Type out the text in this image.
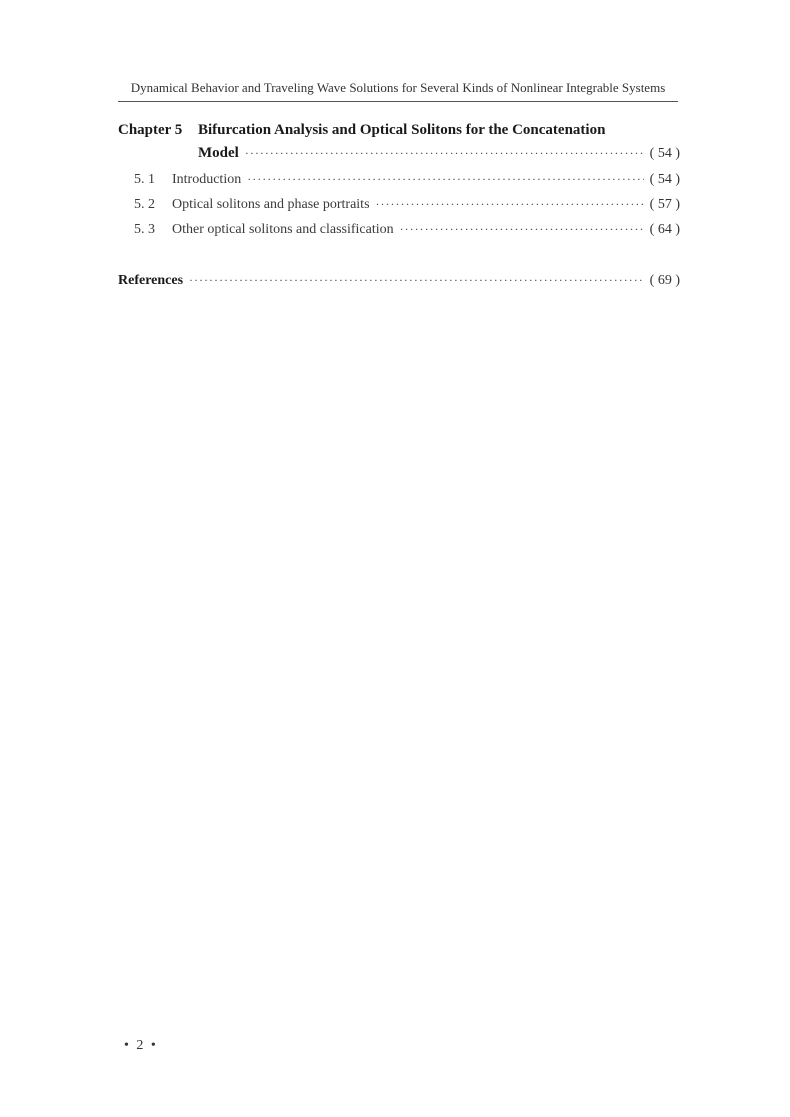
Dynamical Behavior and Traveling Wave Solutions for Several Kinds of Nonlinear Integrable Systems
Chapter 5	Bifurcation Analysis and Optical Solitons for the Concatenation
Model ·····	( 54 )
5. 1	Introduction ·····	( 54 )
5. 2	Optical solitons and phase portraits ·····	( 57 )
5. 3	Other optical solitons and classification ·····	( 64 )
References ·····	( 69 )
• 2 •
